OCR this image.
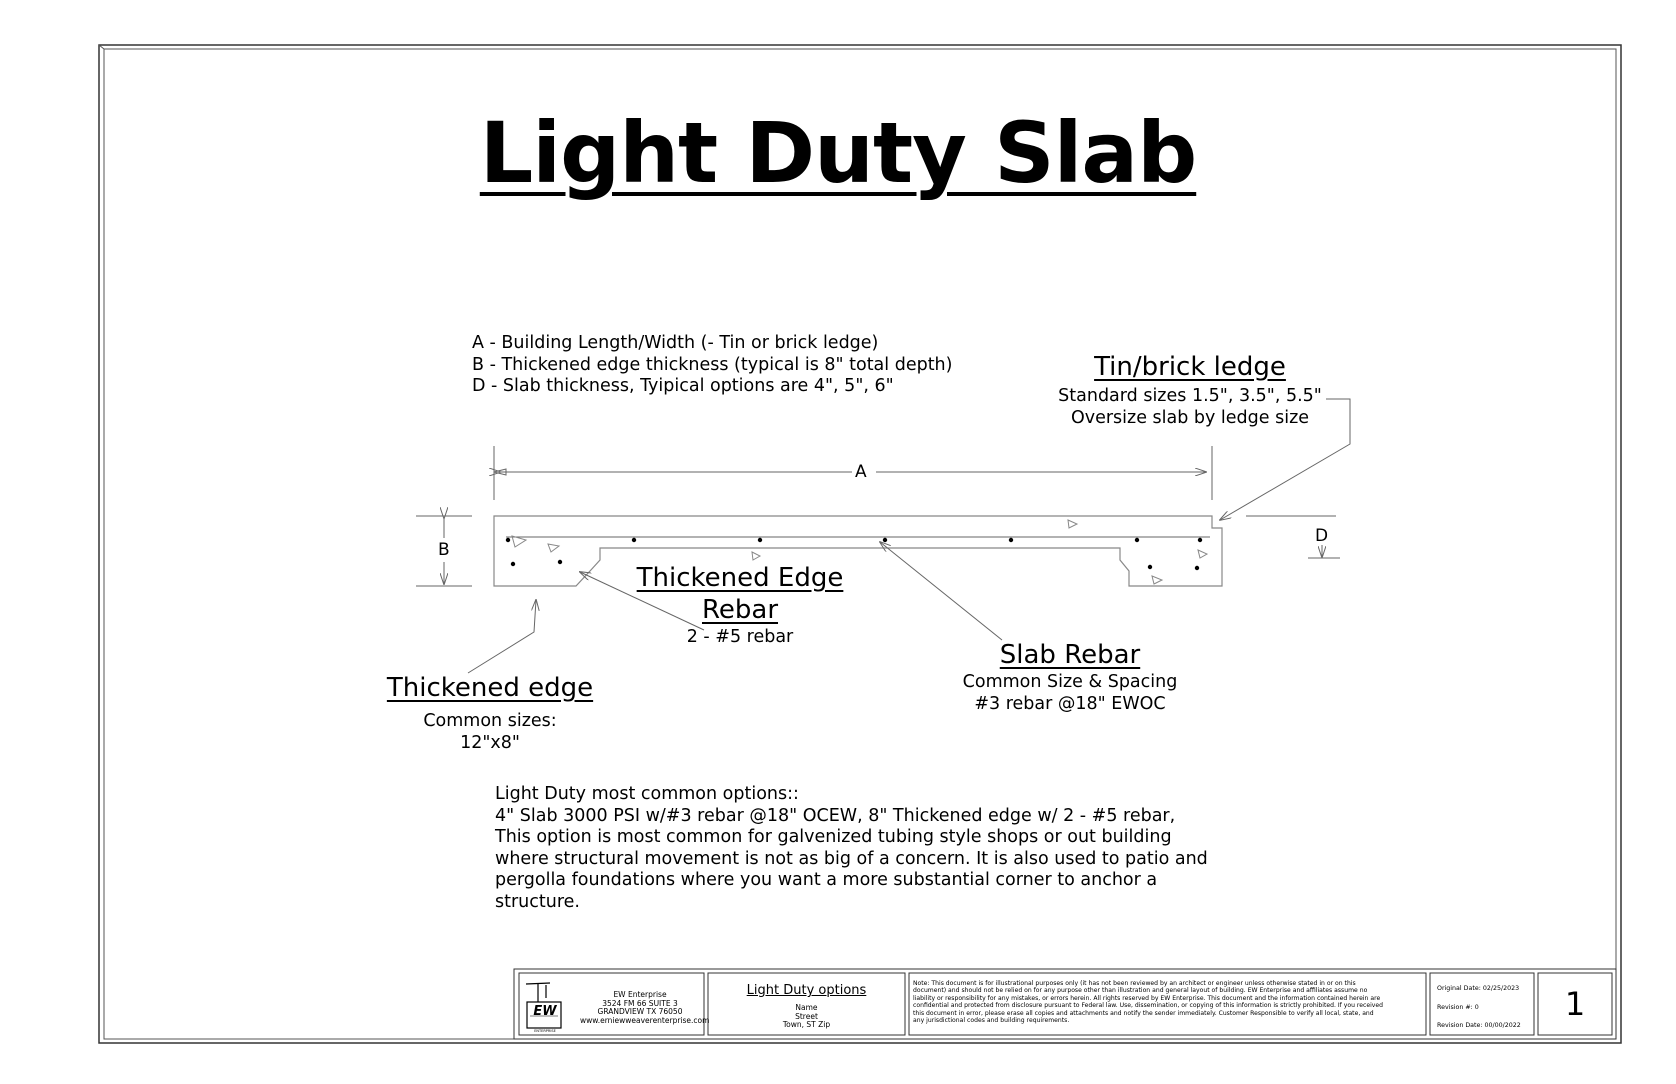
Light Duty Slab
A - Building Length/Width (- Tin or brick ledge)
B - Thickened edge thickness (typical is 8" total depth)
D - Slab thickness, Tyipical options are 4", 5", 6"
A
B
D
Tin/brick ledge
Standard sizes 1.5", 3.5", 5.5"
Oversize slab by ledge size
Thickened Edge
Rebar
2 - #5 rebar
Slab Rebar
Common Size & Spacing
#3 rebar @18" EWOC
Thickened edge
Common sizes:
12"x8"
Light Duty most common options::
4" Slab 3000 PSI w/#3 rebar @18" OCEW, 8" Thickened edge w/ 2 - #5 rebar,
This option is most common for galvenized tubing style shops or out building
where structural movement is not as big of a concern. It is also used to patio and
pergolla foundations where you want a more substantial corner to anchor a
structure.
EW
ENTERPRISE
EW Enterprise
3524 FM 66 SUITE 3
GRANDVIEW TX 76050
www.erniewweaverenterprise.com
Light Duty options
Name
Street
Town, ST Zip
Note: This document is for illustrational purposes only (it has not been reviewed by an architect or engineer unless otherwise stated in or on this
document) and should not be relied on for any purpose other than illustration and general layout of building. EW Enterprise and affiliates assume no
liability or responsibility for any mistakes, or errors herein. All rights reserved by EW Enterprise. This document and the information contained herein are
confidential and protected from disclosure pursuant to Federal law. Use, dissemination, or copying of this information is strictly prohibited. If you received
this document in error, please erase all copies and attachments and notify the sender immediately. Customer Responsible to verify all local, state, and
any jurisdictional codes and building requirements.
Original Date: 02/25/2023
Revision #: 0
Revision Date: 00/00/2022
1
